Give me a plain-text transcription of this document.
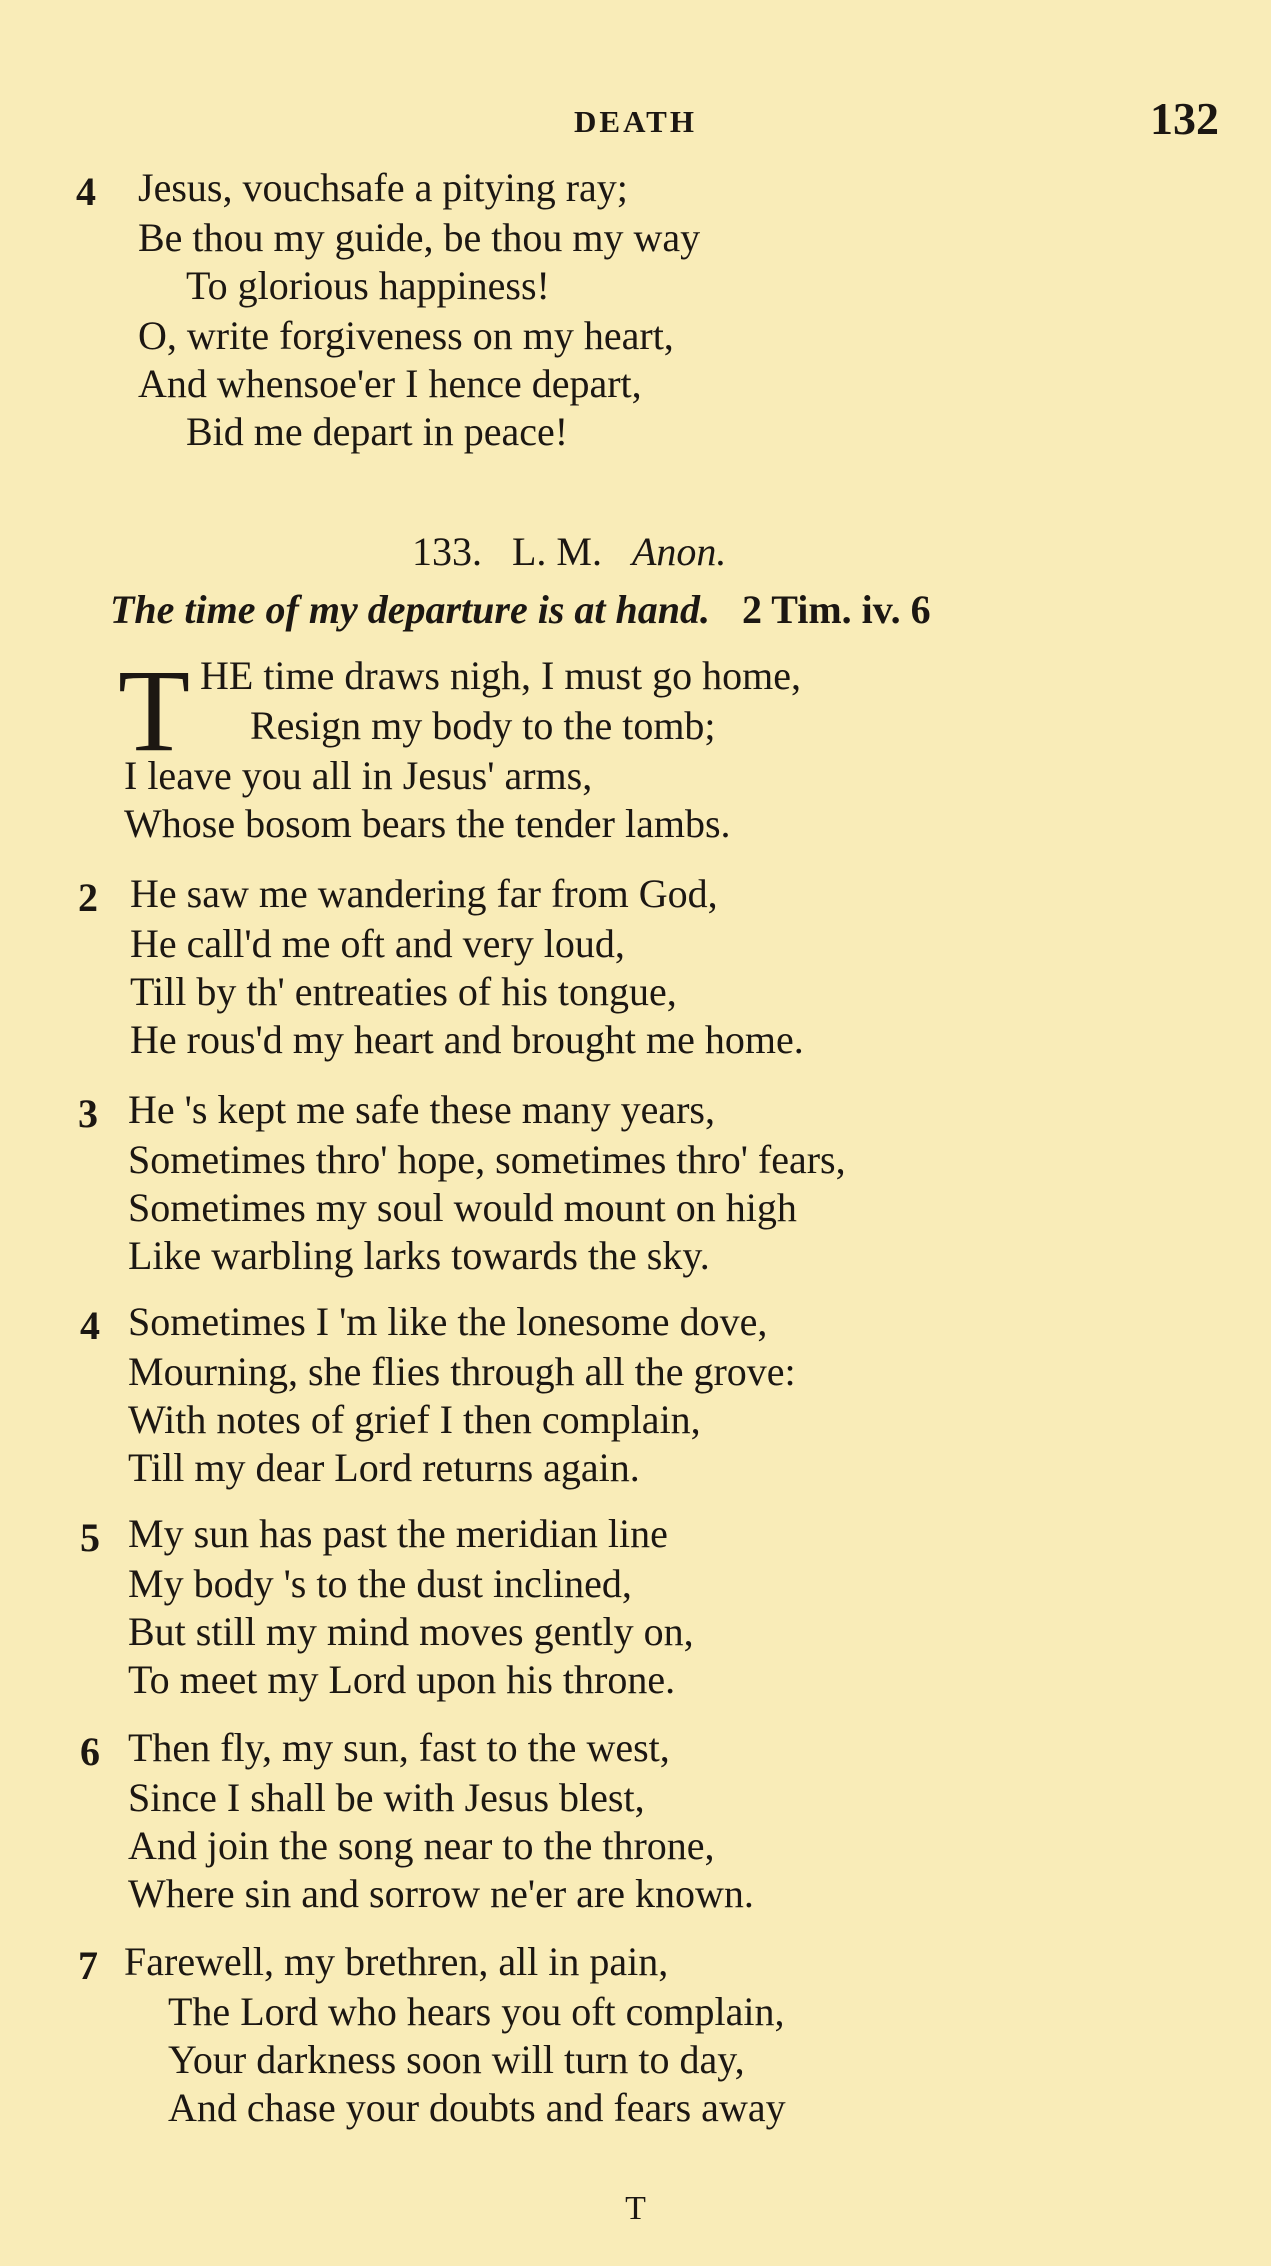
DEATH	132
4 Jesus, vouchsafe a pitying ray;
Be thou my guide, be thou my way
To glorious happiness!
O, write forgiveness on my heart,
And whensoe'er I hence depart,
Bid me depart in peace!
133. L. M. Anon.
The time of my departure is at hand. 2 Tim. iv. 6
T HE time draws nigh, I must go home,
Resign my body to the tomb;
I leave you all in Jesus' arms,
Whose bosom bears the tender lambs.
2 He saw me wandering far from God,
He call'd me oft and very loud,
Till by th' entreaties of his tongue,
He rous'd my heart and brought me home.
3 He 's kept me safe these many years,
Sometimes thro' hope, sometimes thro' fears,
Sometimes my soul would mount on high
Like warbling larks towards the sky.
4 Sometimes I 'm like the lonesome dove,
Mourning, she flies through all the grove:
With notes of grief I then complain,
Till my dear Lord returns again.
5 My sun has past the meridian line
My body 's to the dust inclined,
But still my mind moves gently on,
To meet my Lord upon his throne.
6 Then fly, my sun, fast to the west,
Since I shall be with Jesus blest,
And join the song near to the throne,
Where sin and sorrow ne'er are known.
7 Farewell, my brethren, all in pain,
The Lord who hears you oft complain,
Your darkness soon will turn to day,
And chase your doubts and fears away
T
